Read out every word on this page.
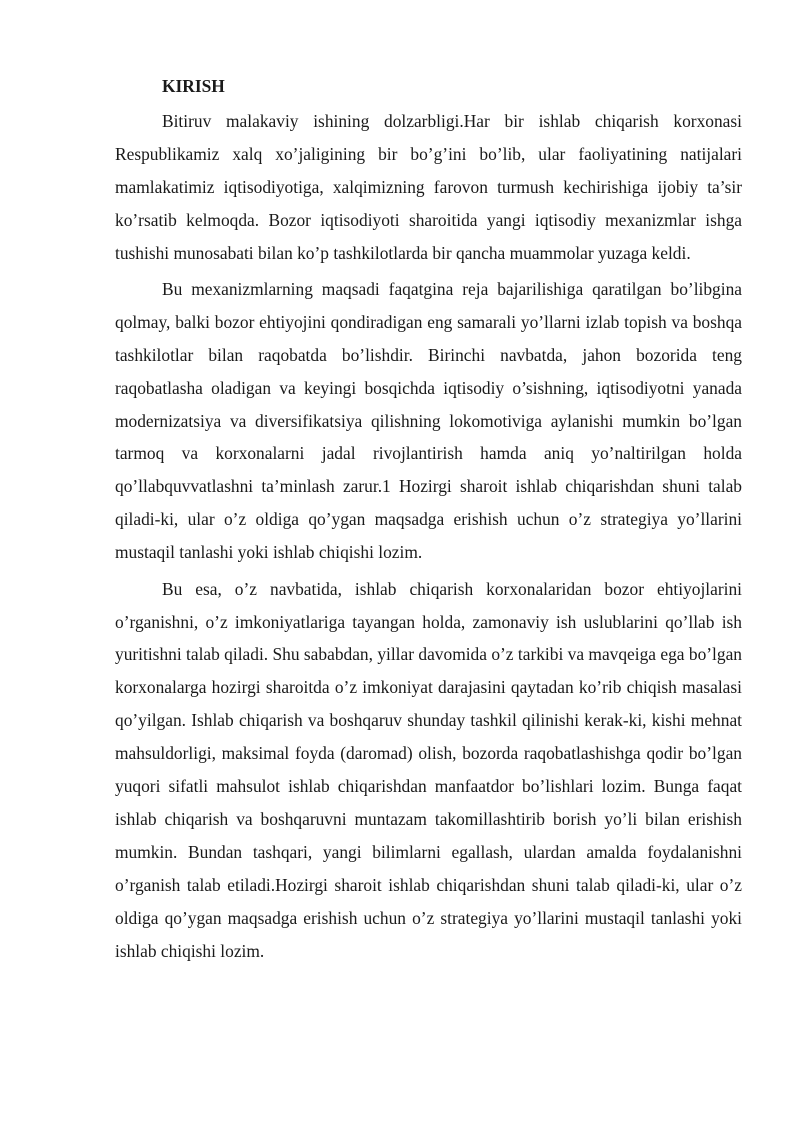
KIRISH

Bitiruv malakaviy ishining dolzarbligi.Har bir ishlab chiqarish korxonasi Respublikamiz xalq xo’jaligining bir bo’g’ini bo’lib, ular faoliyatining natijalari mamlakatimiz iqtisodiyotiga, xalqimizning farovon turmush kechirishiga ijobiy ta’sir ko’rsatib kelmoqda. Bozor iqtisodiyoti sharoitida yangi iqtisodiy mexanizmlar ishga tushishi munosabati bilan ko’p tashkilotlarda bir qancha muammolar yuzaga keldi.

Bu mexanizmlarning maqsadi faqatgina reja bajarilishiga qaratilgan bo’libgina qolmay, balki bozor ehtiyojini qondiradigan eng samarali yo’llarni izlab topish va boshqa tashkilotlar bilan raqobatda bo’lishdir. Birinchi navbatda, jahon bozorida teng raqobatlasha oladigan va keyingi bosqichda iqtisodiy o’sishning, iqtisodiyotni yanada modernizatsiya va diversifikatsiya qilishning lokomotiviga aylanishi mumkin bo’lgan tarmoq va korxonalarni jadal rivojlantirish hamda aniq yo’naltirilgan holda qo’llabquvvatlashni ta’minlash zarur.1 Hozirgi sharoit ishlab chiqarishdan shuni talab qiladi-ki, ular o’z oldiga qo’ygan maqsadga erishish uchun o’z strategiya yo’llarini mustaqil tanlashi yoki ishlab chiqishi lozim.

Bu esa, o’z navbatida, ishlab chiqarish korxonalaridan bozor ehtiyojlarini o’rganishni, o’z imkoniyatlariga tayangan holda, zamonaviy ish uslublarini qo’llab ish yuritishni talab qiladi. Shu sababdan, yillar davomida o’z tarkibi va mavqeiga ega bo’lgan korxonalarga hozirgi sharoitda o’z imkoniyat darajasini qaytadan ko’rib chiqish masalasi qo’yilgan. Ishlab chiqarish va boshqaruv shunday tashkil qilinishi kerak-ki, kishi mehnat mahsuldorligi, maksimal foyda (daromad) olish, bozorda raqobatlashishga qodir bo’lgan yuqori sifatli mahsulot ishlab chiqarishdan manfaatdor bo’lishlari lozim. Bunga faqat ishlab chiqarish va boshqaruvni muntazam takomillashtirib borish yo’li bilan erishish mumkin. Bundan tashqari, yangi bilimlarni egallash, ulardan amalda foydalanishni o’rganish talab etiladi.Hozirgi sharoit ishlab chiqarishdan shuni talab qiladi-ki, ular o’z oldiga qo’ygan maqsadga erishish uchun o’z strategiya yo’llarini mustaqil tanlashi yoki ishlab chiqishi lozim.
